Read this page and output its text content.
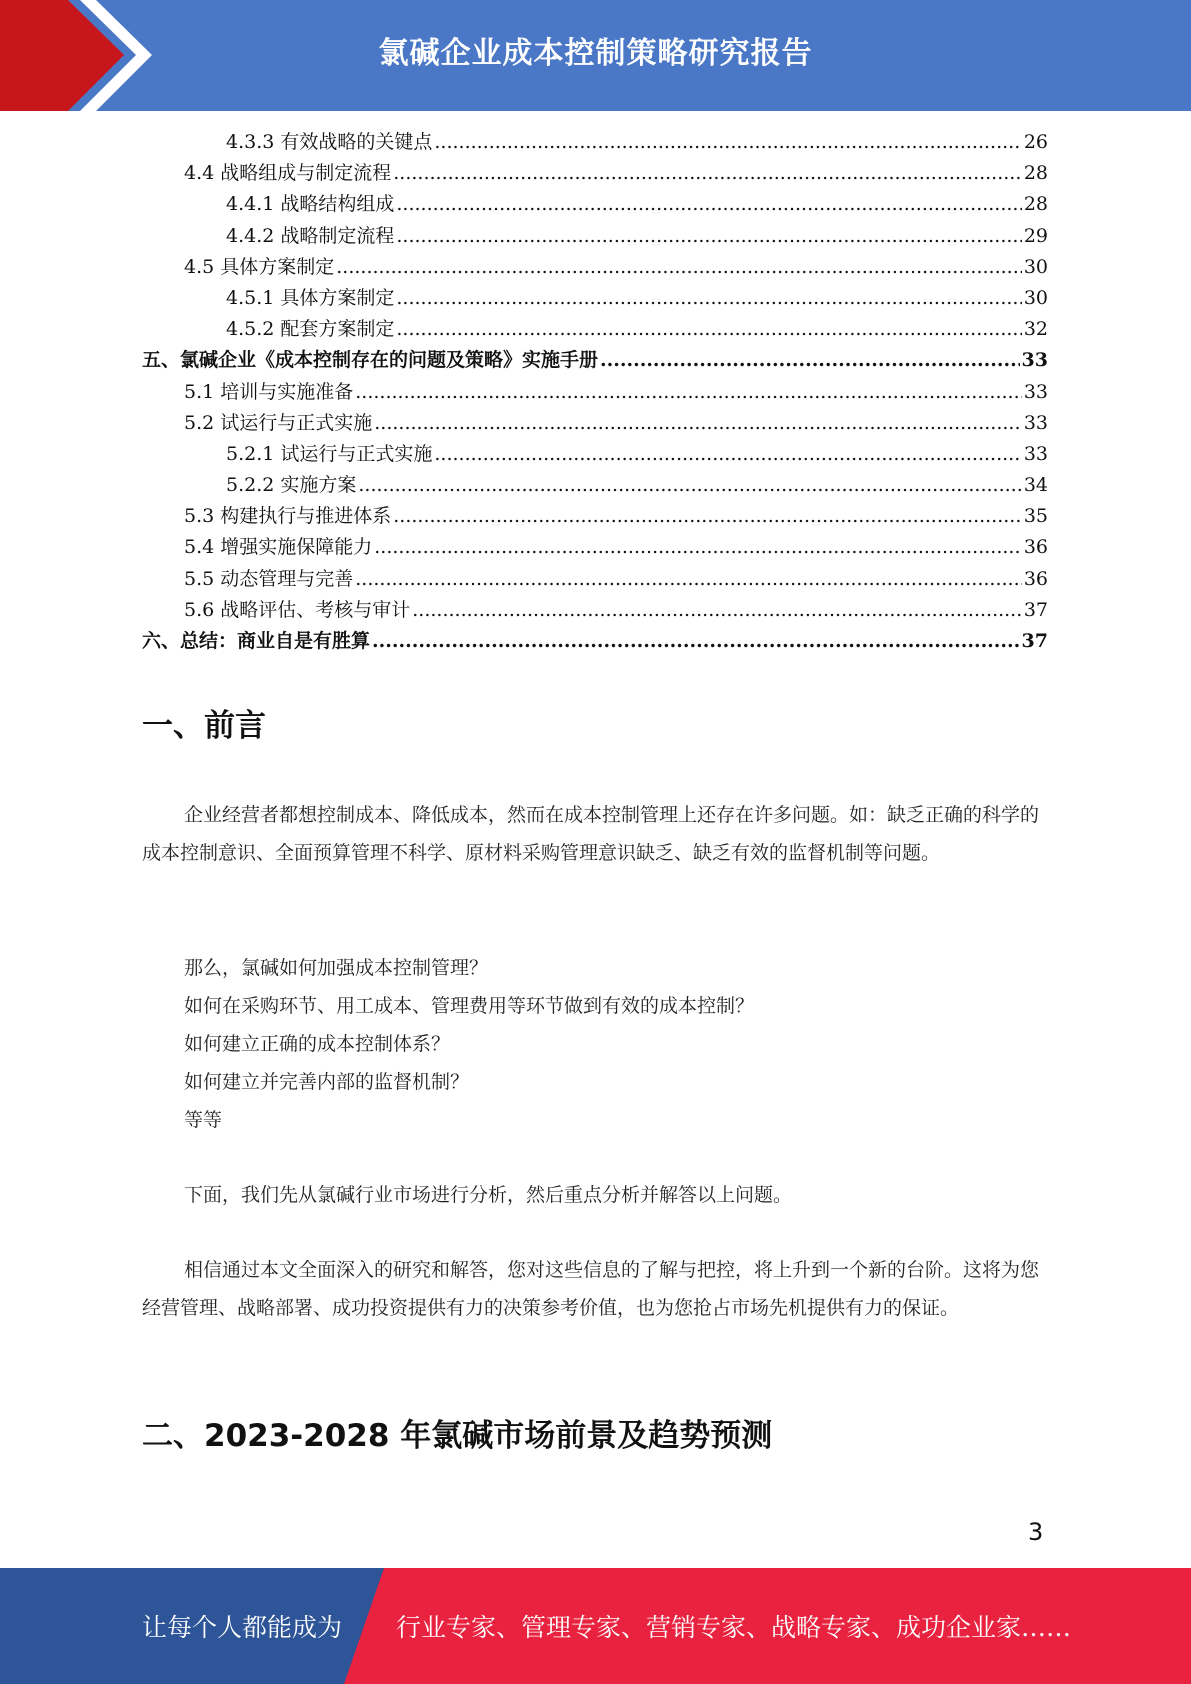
氯碱企业成本控制策略研究报告
4.3.3 有效战略的关键点 .....	26
4.4 战略组成与制定流程 .....	28
4.4.1 战略结构组成 .....	28
4.4.2 战略制定流程 .....	29
4.5 具体方案制定 .....	30
4.5.1 具体方案制定 .....	30
4.5.2 配套方案制定 .....	32
五、氯碱企业《成本控制存在的问题及策略》实施手册 .....	33
5.1 培训与实施准备 .....	33
5.2 试运行与正式实施 .....	33
5.2.1 试运行与正式实施 .....	33
5.2.2 实施方案 .....	34
5.3 构建执行与推进体系 .....	35
5.4 增强实施保障能力 .....	36
5.5 动态管理与完善 .....	36
5.6 战略评估、考核与审计 .....	37
六、总结：商业自是有胜算 .....	37
一、前言
企业经营者都想控制成本、降低成本，然而在成本控制管理上还存在许多问题。如：缺乏正确的科学的成本控制意识、全面预算管理不科学、原材料采购管理意识缺乏、缺乏有效的监督机制等问题。
那么，氯碱如何加强成本控制管理？
如何在采购环节、用工成本、管理费用等环节做到有效的成本控制？
如何建立正确的成本控制体系？
如何建立并完善内部的监督机制？
等等
下面，我们先从氯碱行业市场进行分析，然后重点分析并解答以上问题。
相信通过本文全面深入的研究和解答，您对这些信息的了解与把控，将上升到一个新的台阶。这将为您经营管理、战略部署、成功投资提供有力的决策参考价值，也为您抢占市场先机提供有力的保证。
二、2023-2028 年氯碱市场前景及趋势预测
3
让每个人都能成为 行业专家、管理专家、营销专家、战略专家、成功企业家……
